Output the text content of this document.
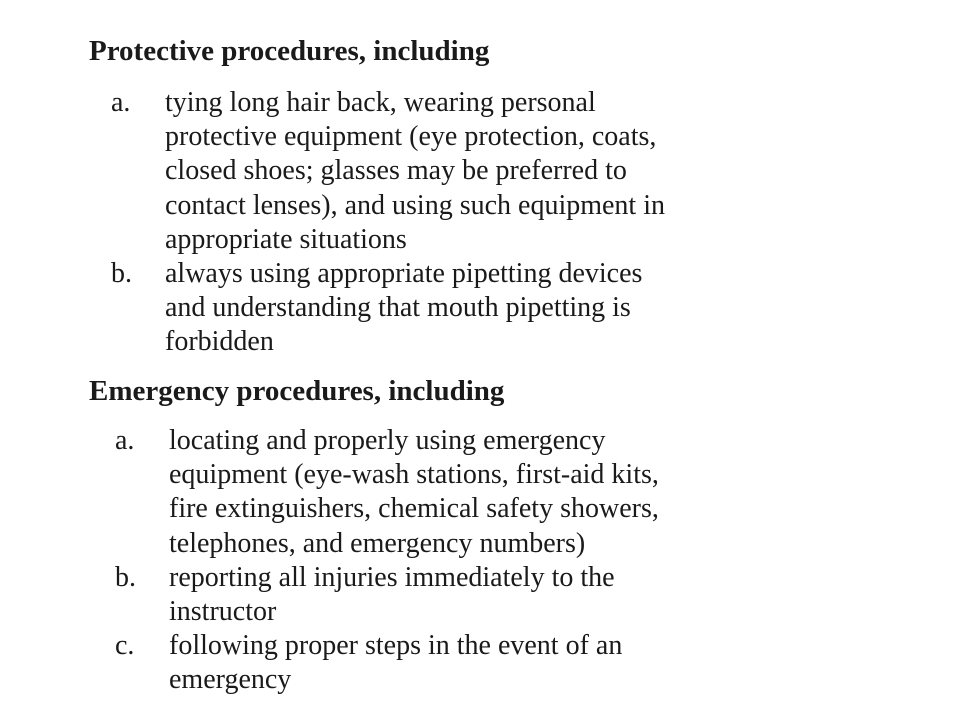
Protective procedures, including
a. tying long hair back, wearing personal
protective equipment (eye protection, coats,
closed shoes; glasses may be preferred to
contact lenses), and using such equipment in
appropriate situations
b. always using appropriate pipetting devices
and understanding that mouth pipetting is
forbidden
Emergency procedures, including
a. locating and properly using emergency
equipment (eye-wash stations, first-aid kits,
fire extinguishers, chemical safety showers,
telephones, and emergency numbers)
b. reporting all injuries immediately to the
instructor
c. following proper steps in the event of an
emergency
